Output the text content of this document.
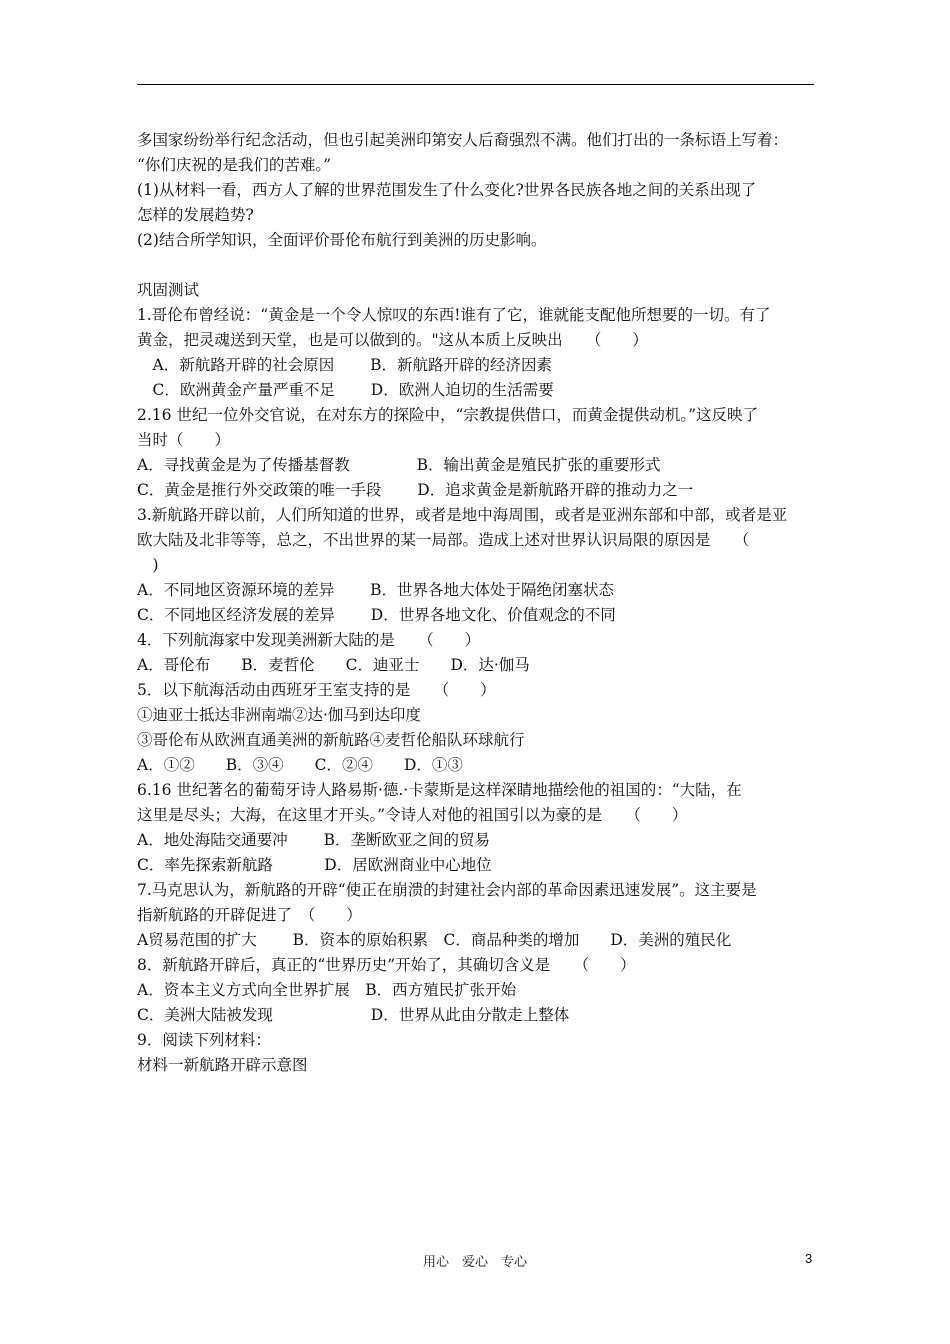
多国家纷纷举行纪念活动，但也引起美洲印第安人后裔强烈不满。他们打出的一条标语上写着：
“你们庆祝的是我们的苦难。”
(1)从材料一看，西方人了解的世界范围发生了什么变化?世界各民族各地之间的关系出现了
怎样的发展趋势?
(2)结合所学知识，全面评价哥伦布航行到美洲的历史影响。
巩固测试
1.哥伦布曾经说：“黄金是一个令人惊叹的东西!谁有了它，谁就能支配他所想要的一切。有了
黄金，把灵魂送到天堂，也是可以做到的。"这从本质上反映出　　（　　）
　A．新航路开辟的社会原因　　 B．新航路开辟的经济因素
　C．欧洲黄金产量严重不足　　 D．欧洲人迫切的生活需要
2.16 世纪一位外交官说，在对东方的探险中，“宗教提供借口，而黄金提供动机。”这反映了
当时（　　）
A．寻找黄金是为了传播基督教　　　　 B．输出黄金是殖民扩张的重要形式
C．黄金是推行外交政策的唯一手段　　 D．追求黄金是新航路开辟的推动力之一
3.新航路开辟以前，人们所知道的世界，或者是地中海周围，或者是亚洲东部和中部，或者是亚
欧大陆及北非等等，总之，不出世界的某一局部。造成上述对世界认识局限的原因是　　（
　)
A．不同地区资源环境的差异　　 B．世界各地大体处于隔绝闭塞状态
C．不同地区经济发展的差异　　 D．世界各地文化、价值观念的不同
4．下列航海家中发现美洲新大陆的是　　（　　）
A．哥伦布　　B．麦哲伦　　C．迪亚士　　D．达·伽马
5．以下航海活动由西班牙王室支持的是　　（　　）
①迪亚士抵达非洲南端②达·伽马到达印度
③哥伦布从欧洲直通美洲的新航路④麦哲伦船队环球航行
A．①②　　B．③④　　C．②④　　D．①③
6.16 世纪著名的葡萄牙诗人路易斯·德.·卡蒙斯是这样深睛地描绘他的祖国的：“大陆，在
这里是尽头；大海，在这里才开头。”令诗人对他的祖国引以为豪的是　　（　　）
A．地处海陆交通要冲　　 B．垄断欧亚之间的贸易
C．率先探索新航路　　　 D．居欧洲商业中心地位
7.马克思认为，新航路的开辟“使正在崩溃的封建社会内部的革命因素迅速发展”。这主要是
指新航路的开辟促进了　（　　）
A贸易范围的扩大　　 B．资本的原始积累　C．商品种类的增加　　D．美洲的殖民化
8．新航路开辟后，真正的“世界历史”开始了，其确切含义是　　（　　）
A．资本主义方式向全世界扩展　B．西方殖民扩张开始
C．美洲大陆被发现　　　　　　 D．世界从此由分散走上整体
9．阅读下列材料：
材料一新航路开辟示意图
用心　爱心　专心	3
